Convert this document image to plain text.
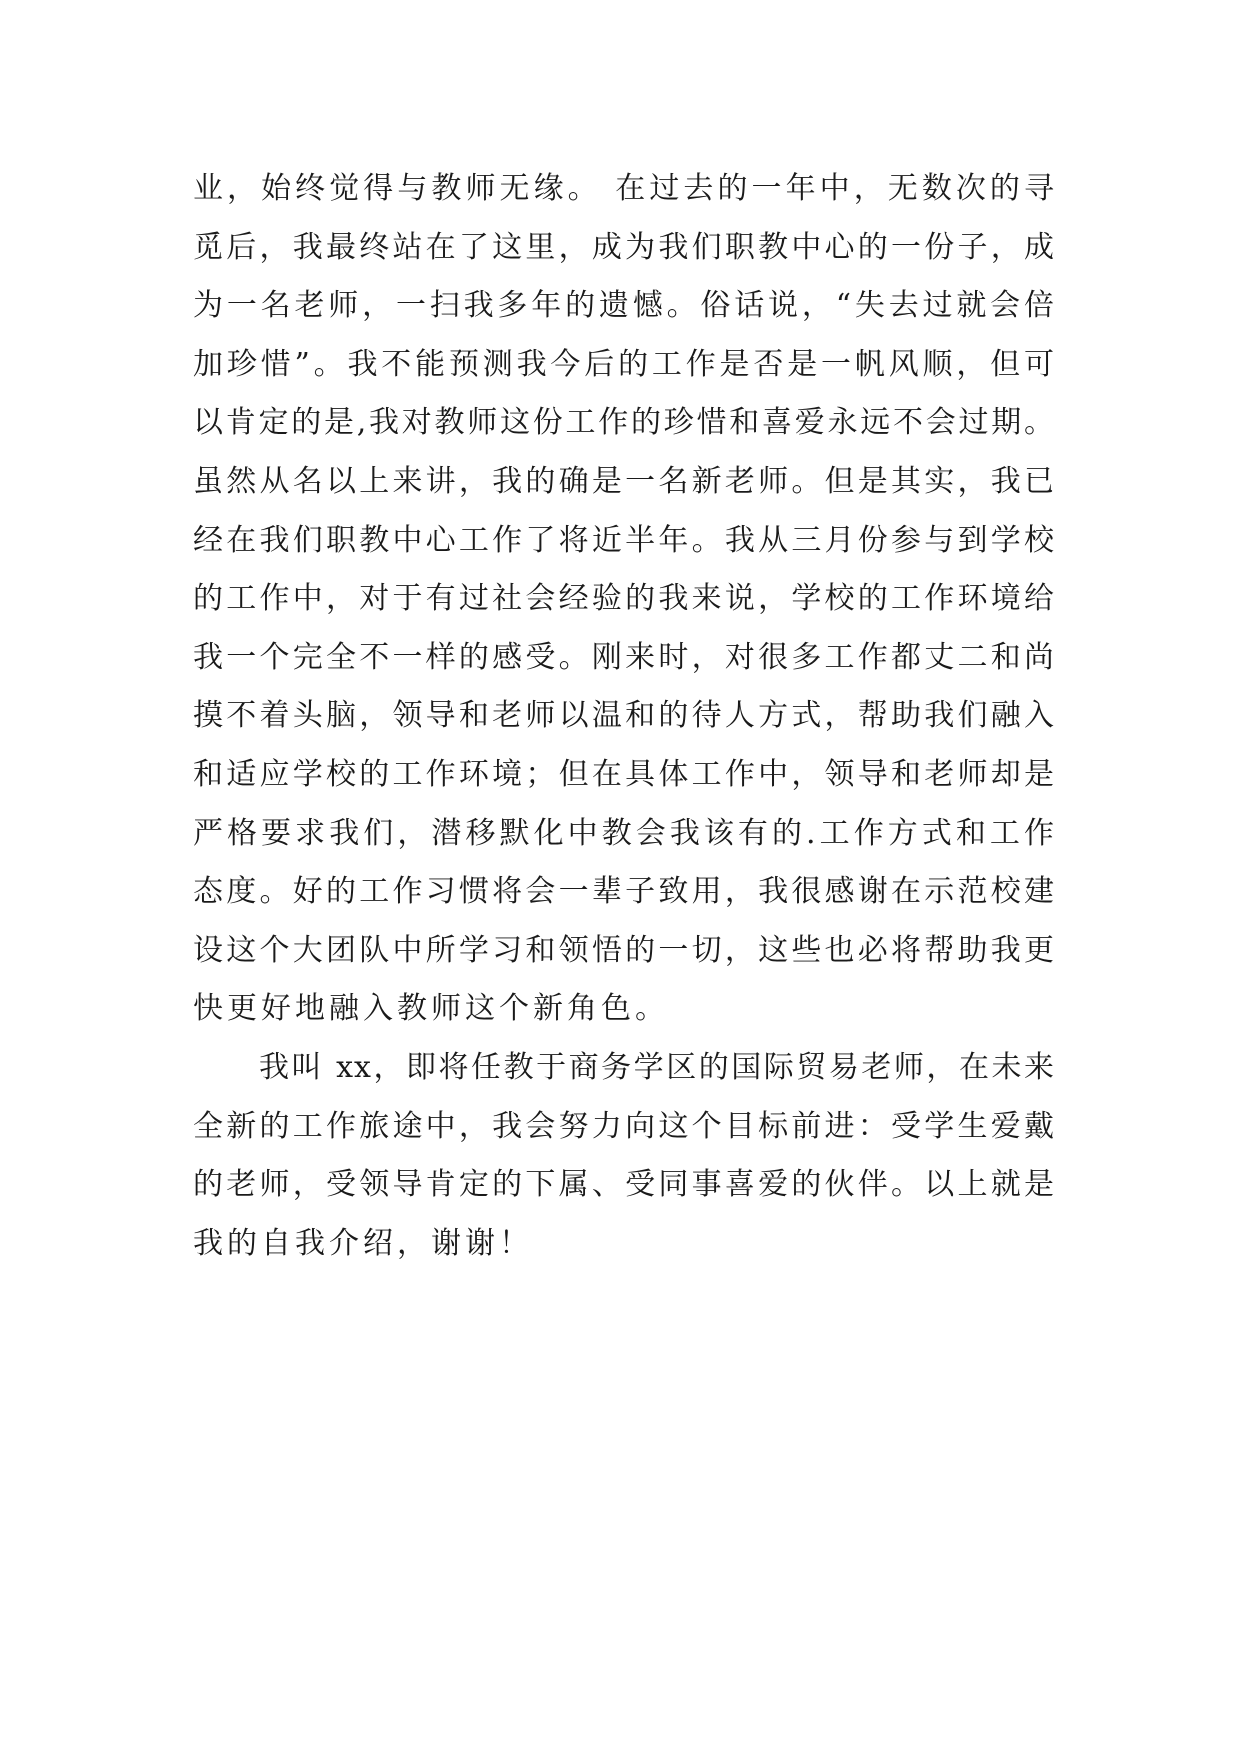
业，始终觉得与教师无缘。 在过去的一年中，无数次的寻
觅后，我最终站在了这里，成为我们职教中心的一份子，成
为一名老师，一扫我多年的遗憾。俗话说，“失去过就会倍
加珍惜”。我不能预测我今后的工作是否是一帆风顺，但可
以肯定的是,我对教师这份工作的珍惜和喜爱永远不会过期。
虽然从名以上来讲，我的确是一名新老师。但是其实，我已
经在我们职教中心工作了将近半年。我从三月份参与到学校
的工作中，对于有过社会经验的我来说，学校的工作环境给
我一个完全不一样的感受。刚来时，对很多工作都丈二和尚
摸不着头脑，领导和老师以温和的待人方式，帮助我们融入
和适应学校的工作环境；但在具体工作中，领导和老师却是
严格要求我们，潜移默化中教会我该有的.工作方式和工作
态度。好的工作习惯将会一辈子致用，我很感谢在示范校建
设这个大团队中所学习和领悟的一切，这些也必将帮助我更
快更好地融入教师这个新角色。

我叫 xx，即将任教于商务学区的国际贸易老师，在未来
全新的工作旅途中，我会努力向这个目标前进：受学生爱戴
的老师，受领导肯定的下属、受同事喜爱的伙伴。以上就是
我的自我介绍，谢谢！
